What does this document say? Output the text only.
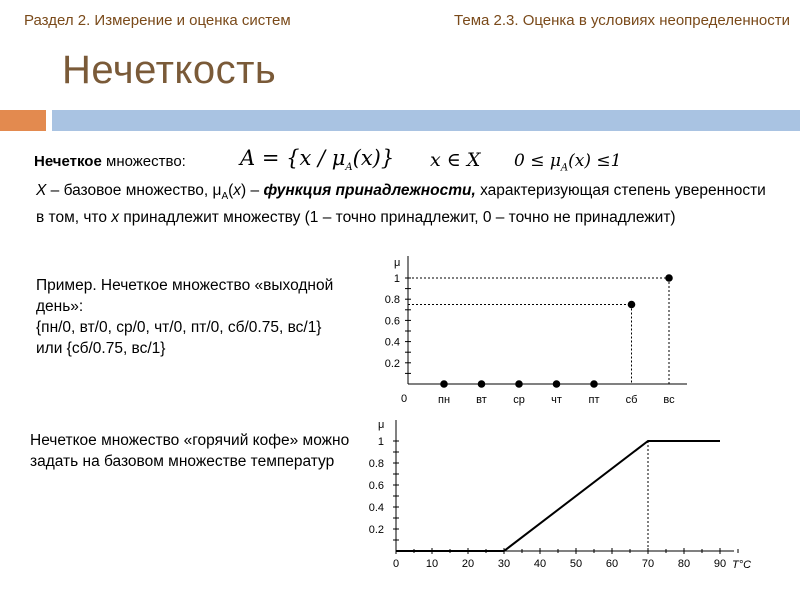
Раздел 2. Измерение и оценка систем	Тема 2.3. Оценка в условиях неопределенности
Нечеткость
Нечеткое множество:	$A = \{x / \mu_A(x)\}$ x ∈ X $0 \le \mu_A(x) \le 1$
X – базовое множество, $\mu_A(x)$ – функция принадлежности, характеризующая степень уверенности в том, что x принадлежит множеству (1 – точно принадлежит, 0 – точно не принадлежит)
Пример. Нечеткое множество «выходной день»:
{пн/0, вт/0, ср/0, чт/0, пт/0, сб/0.75, вс/1} или {сб/0.75, вс/1}
Нечеткое множество «горячий кофе» можно задать на базовом множестве температур
μ
0
0.2
0.4
0.6
0.8
1
пн вт ср чт пт сб вс
μ
T°C
0.2
0.4
0.6
0.8
1
0 10 20 30 40 50 60 70 80 90
